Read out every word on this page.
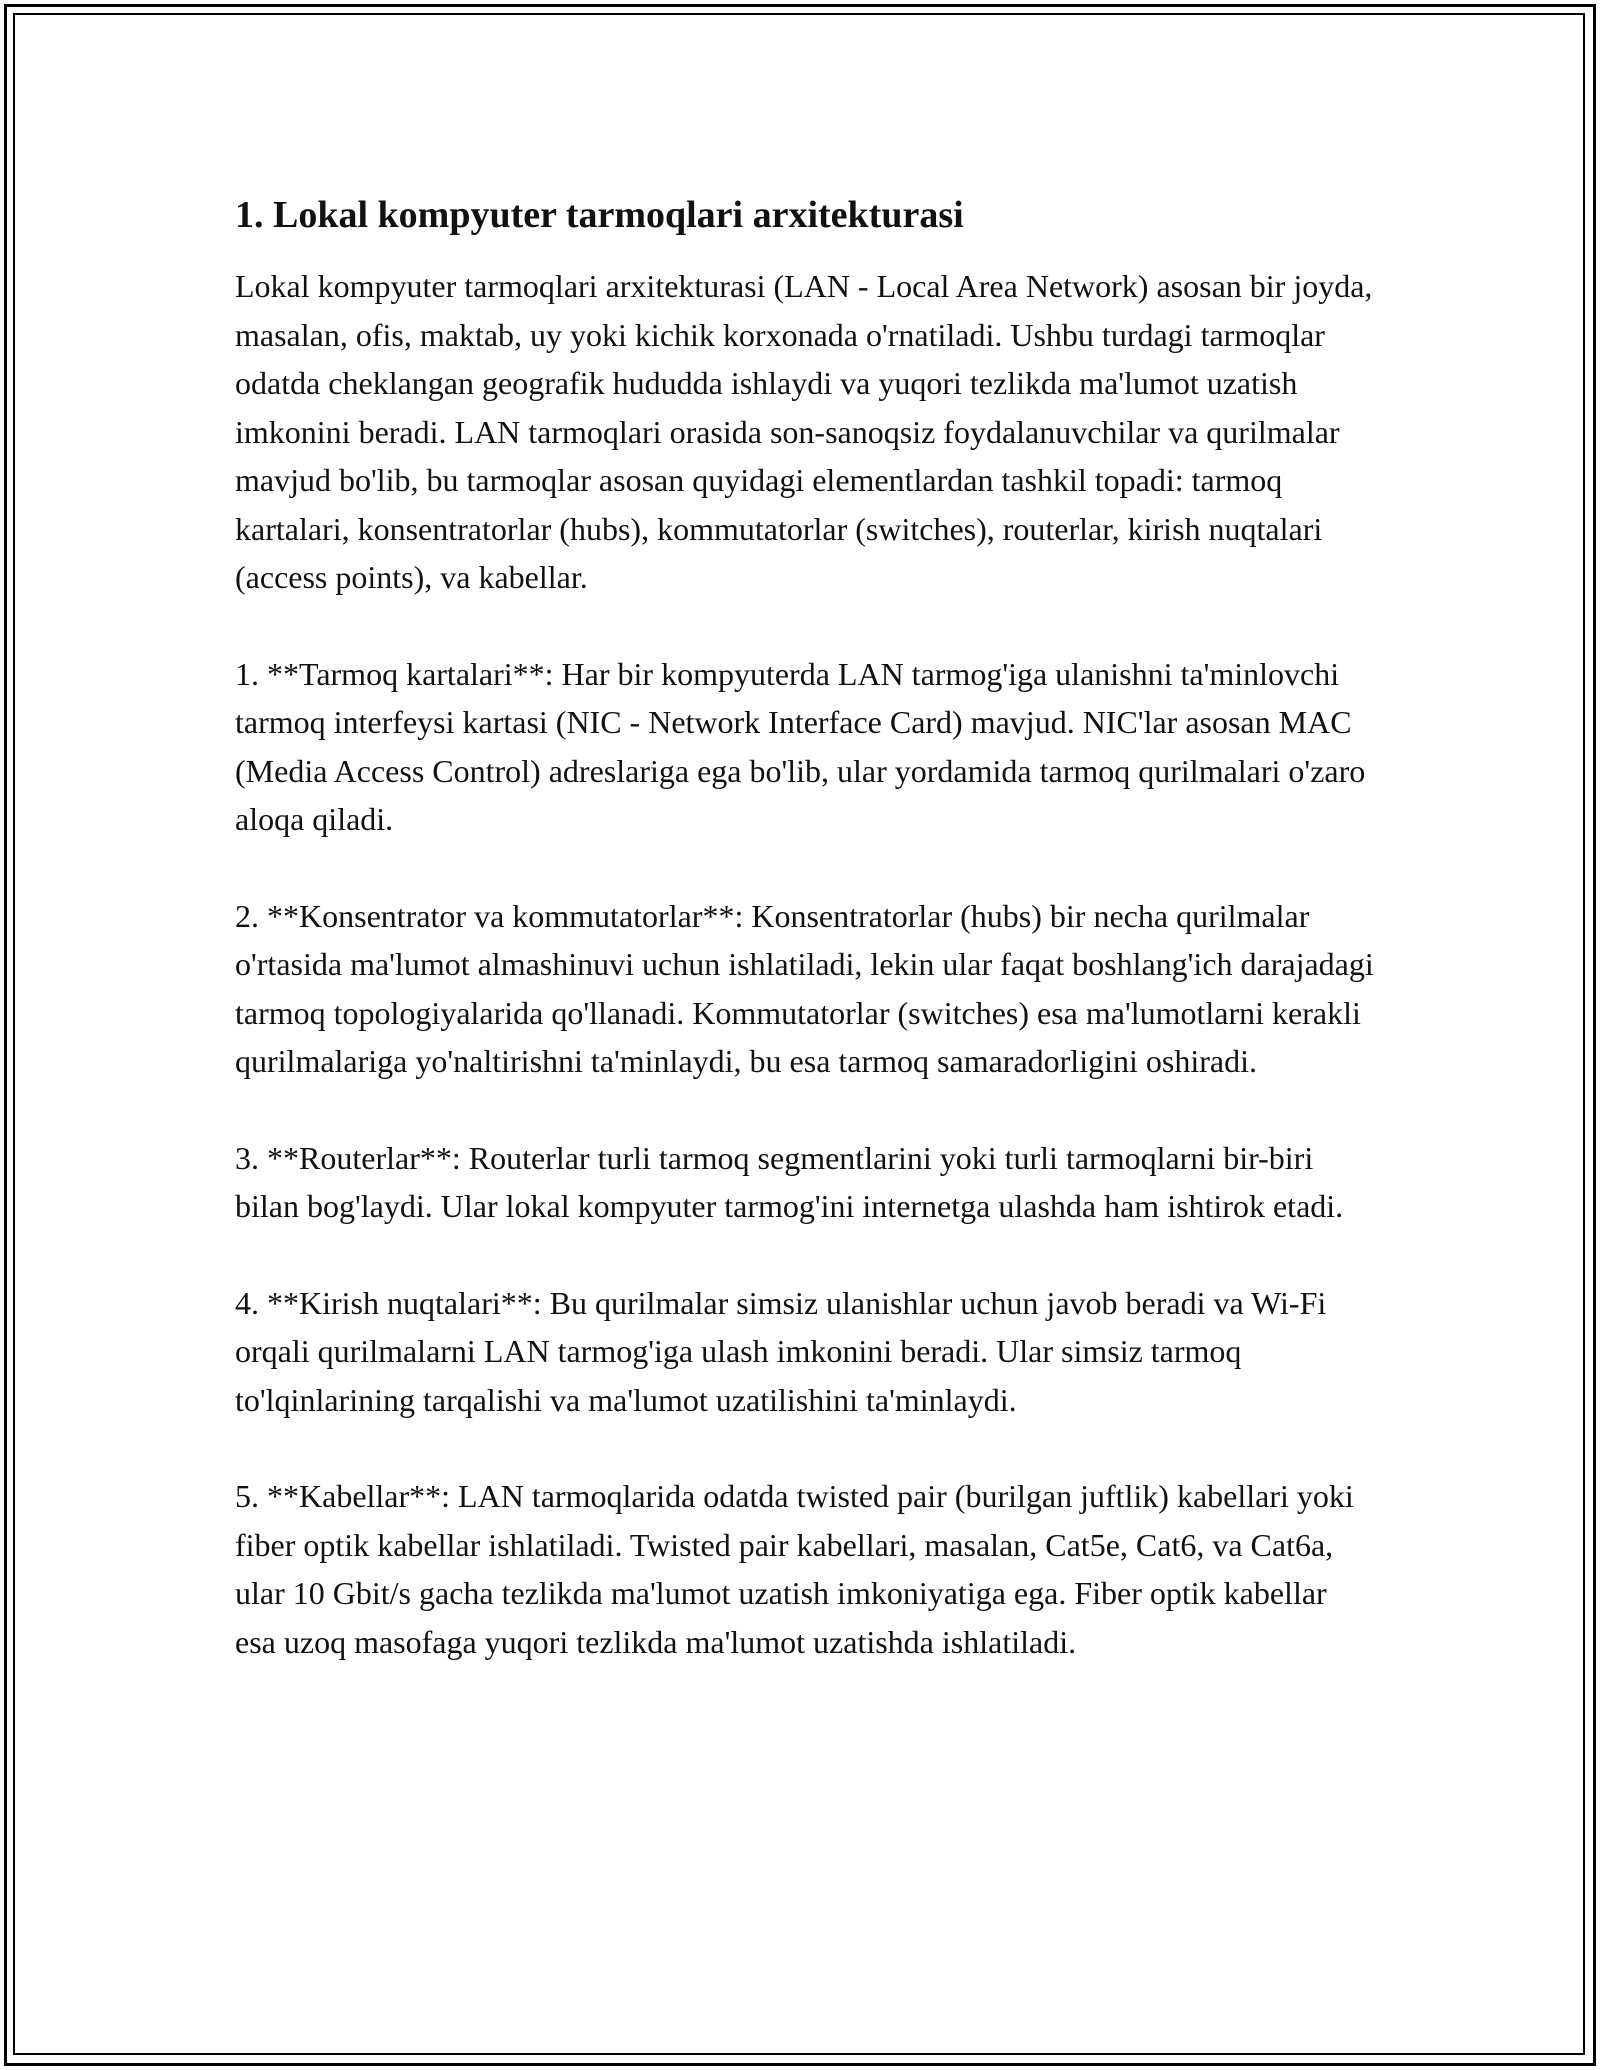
1. Lokal kompyuter tarmoqlari arxitekturasi

Lokal kompyuter tarmoqlari arxitekturasi (LAN - Local Area Network) asosan bir joyda, masalan, ofis, maktab, uy yoki kichik korxonada o'rnatiladi. Ushbu turdagi tarmoqlar odatda cheklangan geografik hududda ishlaydi va yuqori tezlikda ma'lumot uzatish imkonini beradi. LAN tarmoqlari orasida son-sanoqsiz foydalanuvchilar va qurilmalar mavjud bo'lib, bu tarmoqlar asosan quyidagi elementlardan tashkil topadi: tarmoq kartalari, konsentratorlar (hubs), kommutatorlar (switches), routerlar, kirish nuqtalari (access points), va kabellar.

1. **Tarmoq kartalari**: Har bir kompyuterda LAN tarmog'iga ulanishni ta'minlovchi tarmoq interfeysi kartasi (NIC - Network Interface Card) mavjud. NIC'lar asosan MAC (Media Access Control) adreslariga ega bo'lib, ular yordamida tarmoq qurilmalari o'zaro aloqa qiladi.

2. **Konsentrator va kommutatorlar**: Konsentratorlar (hubs) bir necha qurilmalar o'rtasida ma'lumot almashinuvi uchun ishlatiladi, lekin ular faqat boshlang'ich darajadagi tarmoq topologiyalarida qo'llanadi. Kommutatorlar (switches) esa ma'lumotlarni kerakli qurilmalariga yo'naltirishni ta'minlaydi, bu esa tarmoq samaradorligini oshiradi.

3. **Routerlar**: Routerlar turli tarmoq segmentlarini yoki turli tarmoqlarni bir-biri bilan bog'laydi. Ular lokal kompyuter tarmog'ini internetga ulashda ham ishtirok etadi.

4. **Kirish nuqtalari**: Bu qurilmalar simsiz ulanishlar uchun javob beradi va Wi-Fi orqali qurilmalarni LAN tarmog'iga ulash imkonini beradi. Ular simsiz tarmoq to'lqinlarining tarqalishi va ma'lumot uzatilishini ta'minlaydi.

5. **Kabellar**: LAN tarmoqlarida odatda twisted pair (burilgan juftlik) kabellari yoki fiber optik kabellar ishlatiladi. Twisted pair kabellari, masalan, Cat5e, Cat6, va Cat6a, ular 10 Gbit/s gacha tezlikda ma'lumot uzatish imkoniyatiga ega. Fiber optik kabellar esa uzoq masofaga yuqori tezlikda ma'lumot uzatishda ishlatiladi.
